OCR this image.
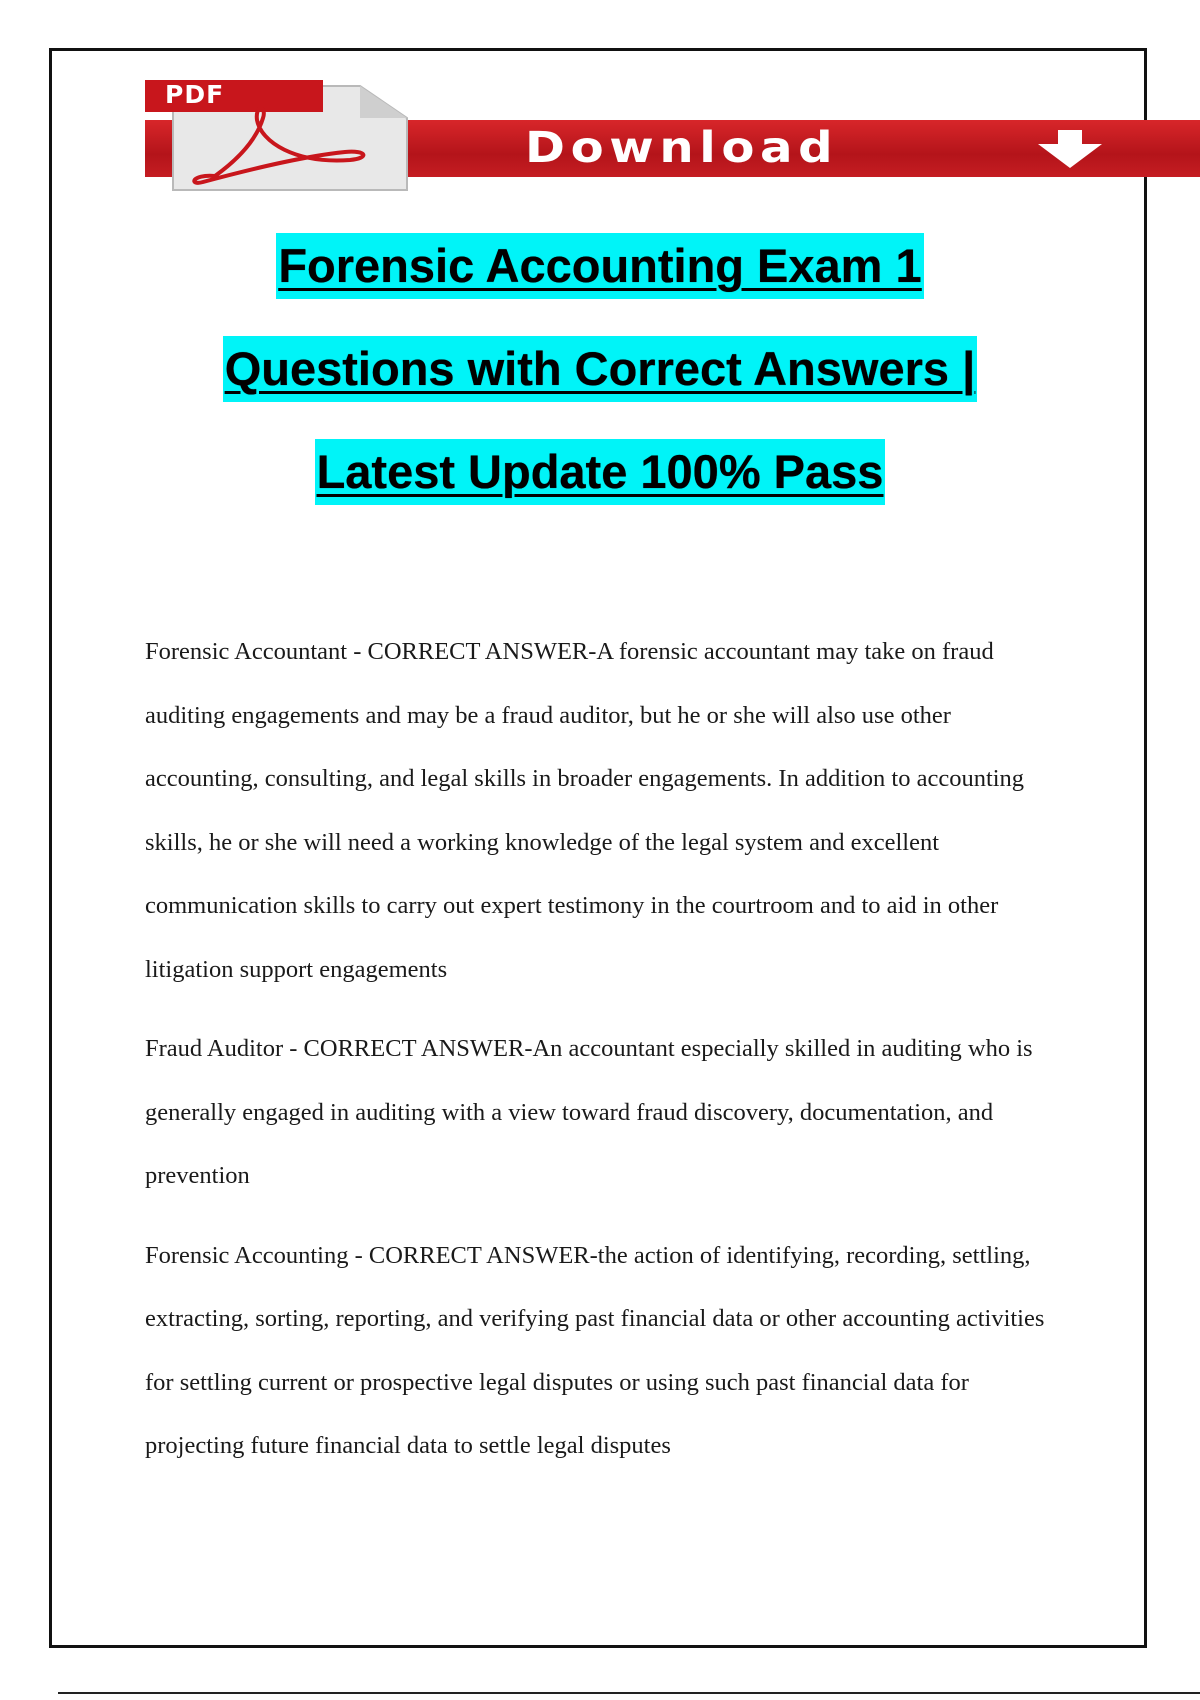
PDF
Download
Forensic Accounting Exam 1
Questions with Correct Answers |
Latest Update 100% Pass

Forensic Accountant - CORRECT ANSWER-A forensic accountant may take on fraud auditing engagements and may be a fraud auditor, but he or she will also use other accounting, consulting, and legal skills in broader engagements. In addition to accounting skills, he or she will need a working knowledge of the legal system and excellent communication skills to carry out expert testimony in the courtroom and to aid in other litigation support engagements

Fraud Auditor - CORRECT ANSWER-An accountant especially skilled in auditing who is generally engaged in auditing with a view toward fraud discovery, documentation, and prevention

Forensic Accounting - CORRECT ANSWER-the action of identifying, recording, settling, extracting, sorting, reporting, and verifying past financial data or other accounting activities for settling current or prospective legal disputes or using such past financial data for projecting future financial data to settle legal disputes
